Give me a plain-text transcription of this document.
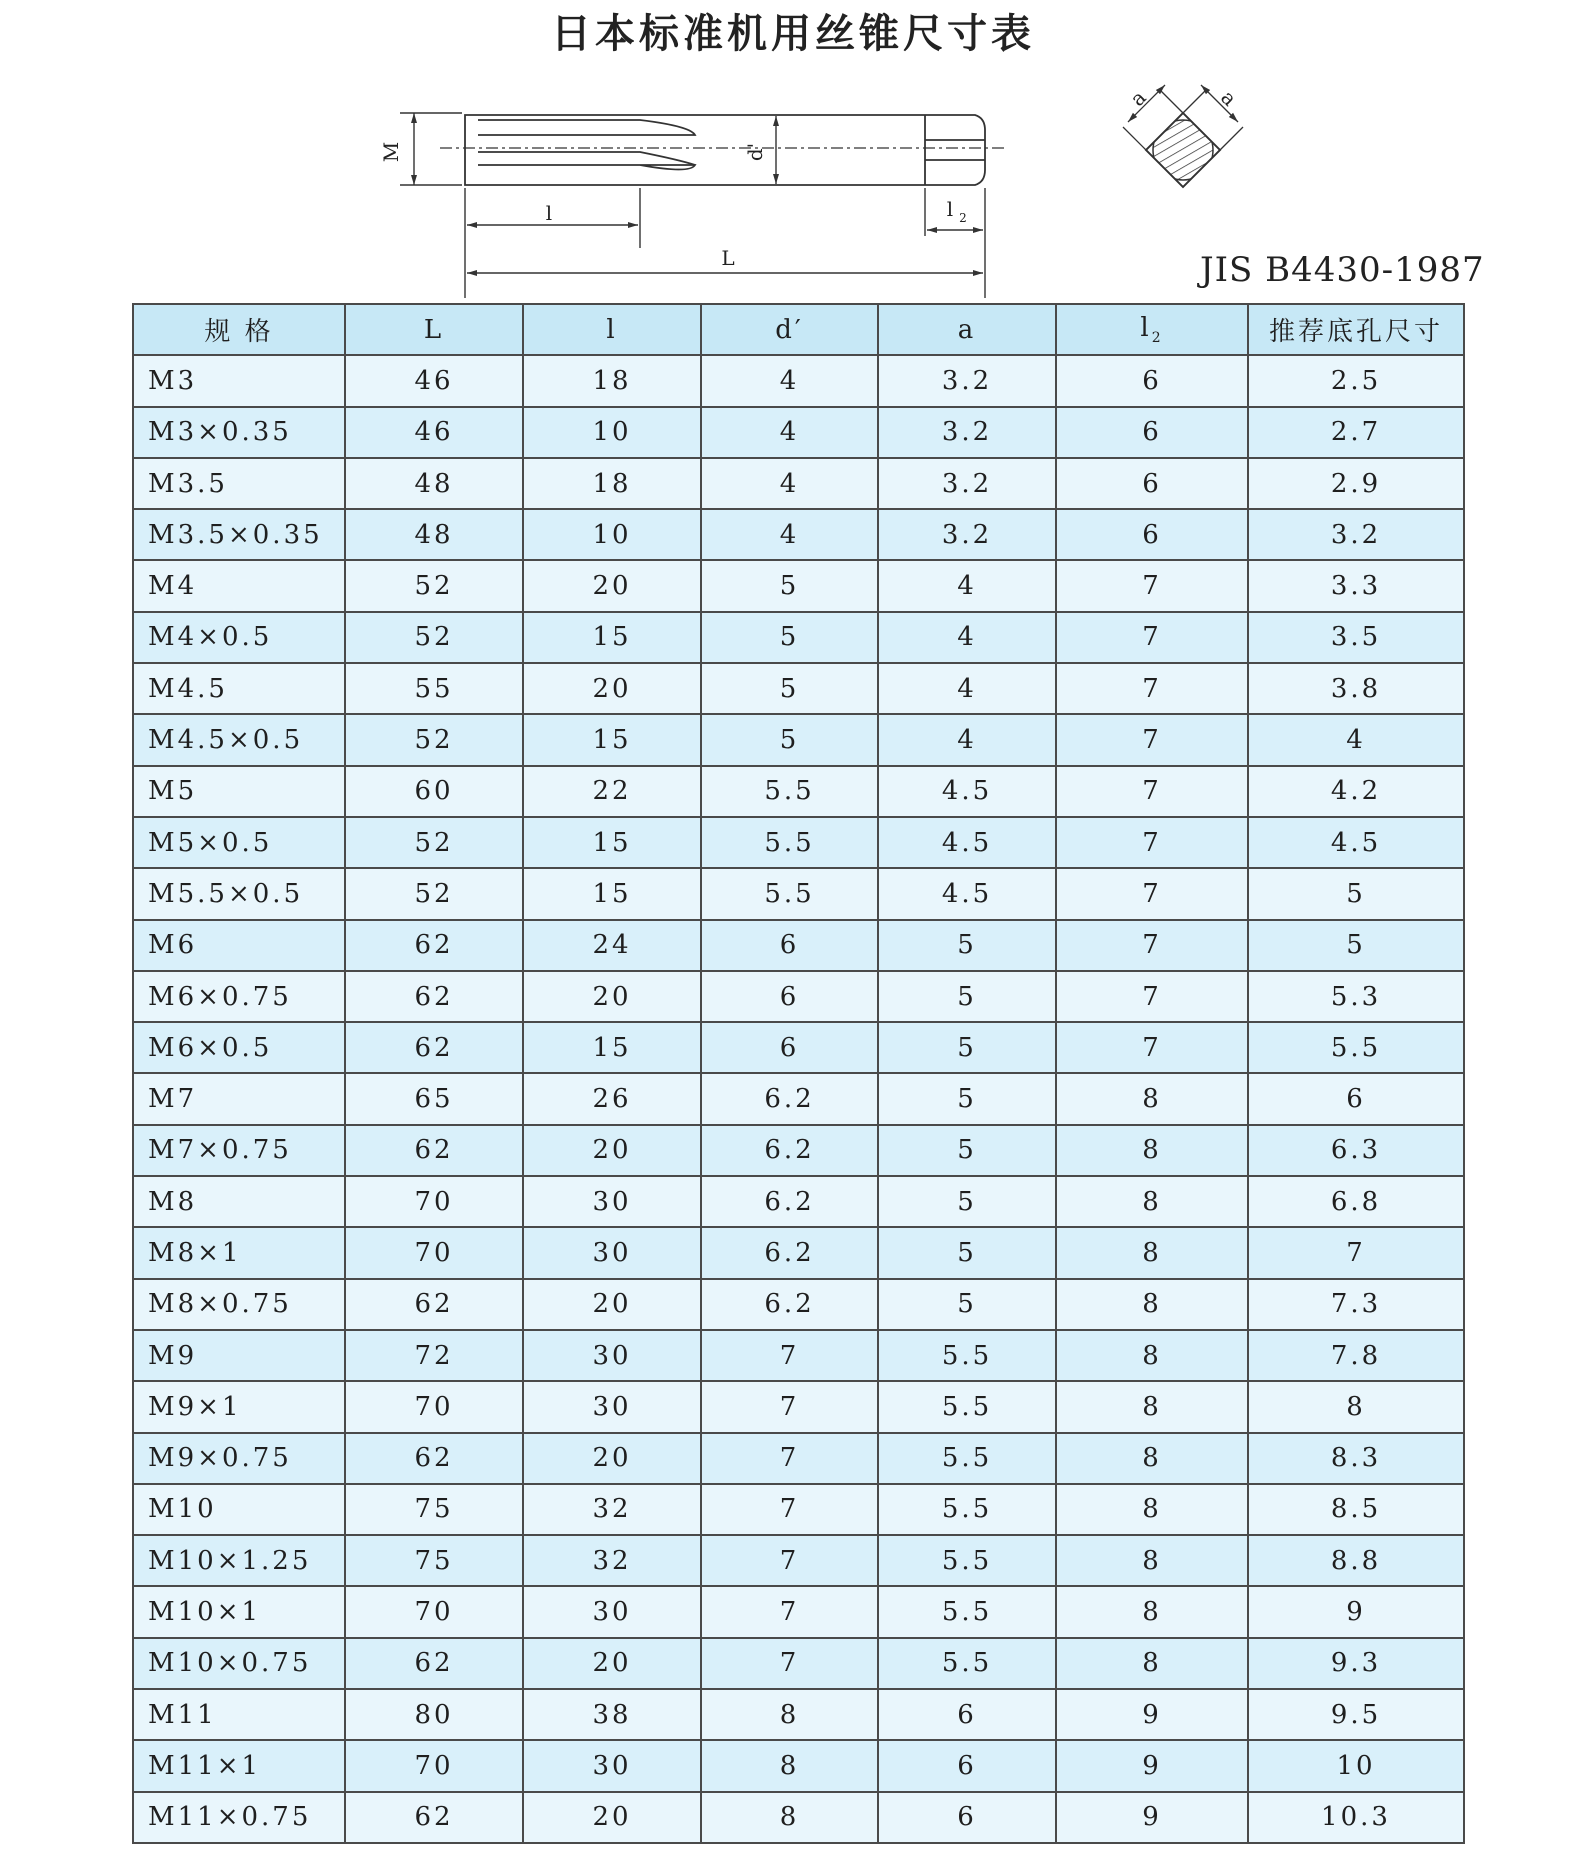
日本标准机用丝锥尺寸表
M	d'
l	l 2
L
a	a
JIS B4430-1987
规 格	L	l	d′	a	$l_2$	推荐底孔尺寸
M3	46	18	4	3.2	6	2.5
M3×0.35	46	10	4	3.2	6	2.7
M3.5	48	18	4	3.2	6	2.9
M3.5×0.35	48	10	4	3.2	6	3.2
M4	52	20	5	4	7	3.3
M4×0.5	52	15	5	4	7	3.5
M4.5	55	20	5	4	7	3.8
M4.5×0.5	52	15	5	4	7	4
M5	60	22	5.5	4.5	7	4.2
M5×0.5	52	15	5.5	4.5	7	4.5
M5.5×0.5	52	15	5.5	4.5	7	5
M6	62	24	6	5	7	5
M6×0.75	62	20	6	5	7	5.3
M6×0.5	62	15	6	5	7	5.5
M7	65	26	6.2	5	8	6
M7×0.75	62	20	6.2	5	8	6.3
M8	70	30	6.2	5	8	6.8
M8×1	70	30	6.2	5	8	7
M8×0.75	62	20	6.2	5	8	7.3
M9	72	30	7	5.5	8	7.8
M9×1	70	30	7	5.5	8	8
M9×0.75	62	20	7	5.5	8	8.3
M10	75	32	7	5.5	8	8.5
M10×1.25	75	32	7	5.5	8	8.8
M10×1	70	30	7	5.5	8	9
M10×0.75	62	20	7	5.5	8	9.3
M11	80	38	8	6	9	9.5
M11×1	70	30	8	6	9	10
M11×0.75	62	20	8	6	9	10.3
